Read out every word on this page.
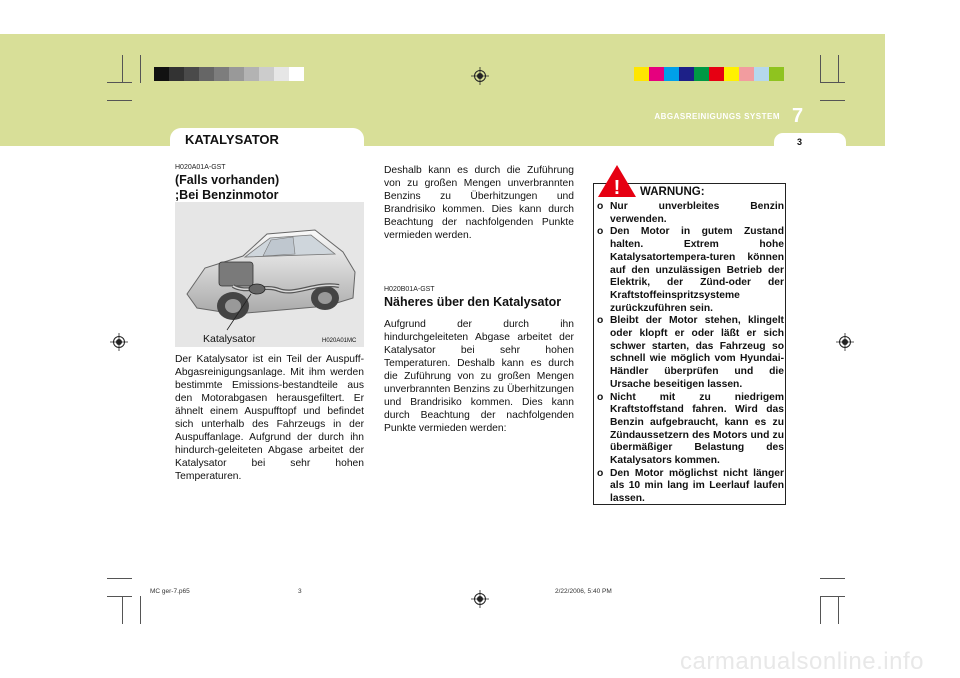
ABGASREINIGUNGS SYSTEM 7
3
KATALYSATOR
H020A01A-GST
(Falls vorhanden)
;Bei Benzinmotor
Katalysator	H020A01MC

Der Katalysator ist ein Teil der Auspuff-Abgasreinigungsanlage. Mit ihm werden bestimmte Emissions-bestandteile aus den Motorabgasen herausgefiltert. Er ähnelt einem Auspufftopf und befindet sich unterhalb des Fahrzeugs in der Auspuffanlage. Aufgrund der durch ihn hindurch-geleiteten Abgase arbeitet der Katalysator bei sehr hohen Temperaturen.

Deshalb kann es durch die Zuführung von zu großen Mengen unverbrannten Benzins zu Überhitzungen und Brandrisiko kommen. Dies kann durch Beachtung der nachfolgenden Punkte vermieden werden.

H020B01A-GST
Näheres über den Katalysator

Aufgrund der durch ihn hindurchgeleiteten Abgase arbeitet der Katalysator bei sehr hohen Temperaturen. Deshalb kann es durch die Zuführung von zu großen Mengen unverbrannten Benzins zu Überhitzungen und Brandrisiko kommen. Dies kann durch Beachtung der nachfolgenden Punkte vermieden werden:

! WARNUNG:
o Nur unverbleites Benzin verwenden.
o Den Motor in gutem Zustand halten. Extrem hohe Katalysatortempera-turen können auf den unzulässigen Betrieb der Elektrik, der Zünd-oder der Kraftstoffeinspritzsysteme zurückzuführen sein.
o Bleibt der Motor stehen, klingelt oder klopft er oder läßt er sich schwer starten, das Fahrzeug so schnell wie möglich vom Hyundai-Händler überprüfen und die Ursache beseitigen lassen.
o Nicht mit zu niedrigem Kraftstoffstand fahren. Wird das Benzin aufgebraucht, kann es zu Zündaussetzern des Motors und zu übermäßiger Belastung des Katalysators kommen.
o Den Motor möglichst nicht länger als 10 min lang im Leerlauf laufen lassen.
MC ger-7.p65	3	2/22/2006, 5:40 PM
carmanualsonline.info
